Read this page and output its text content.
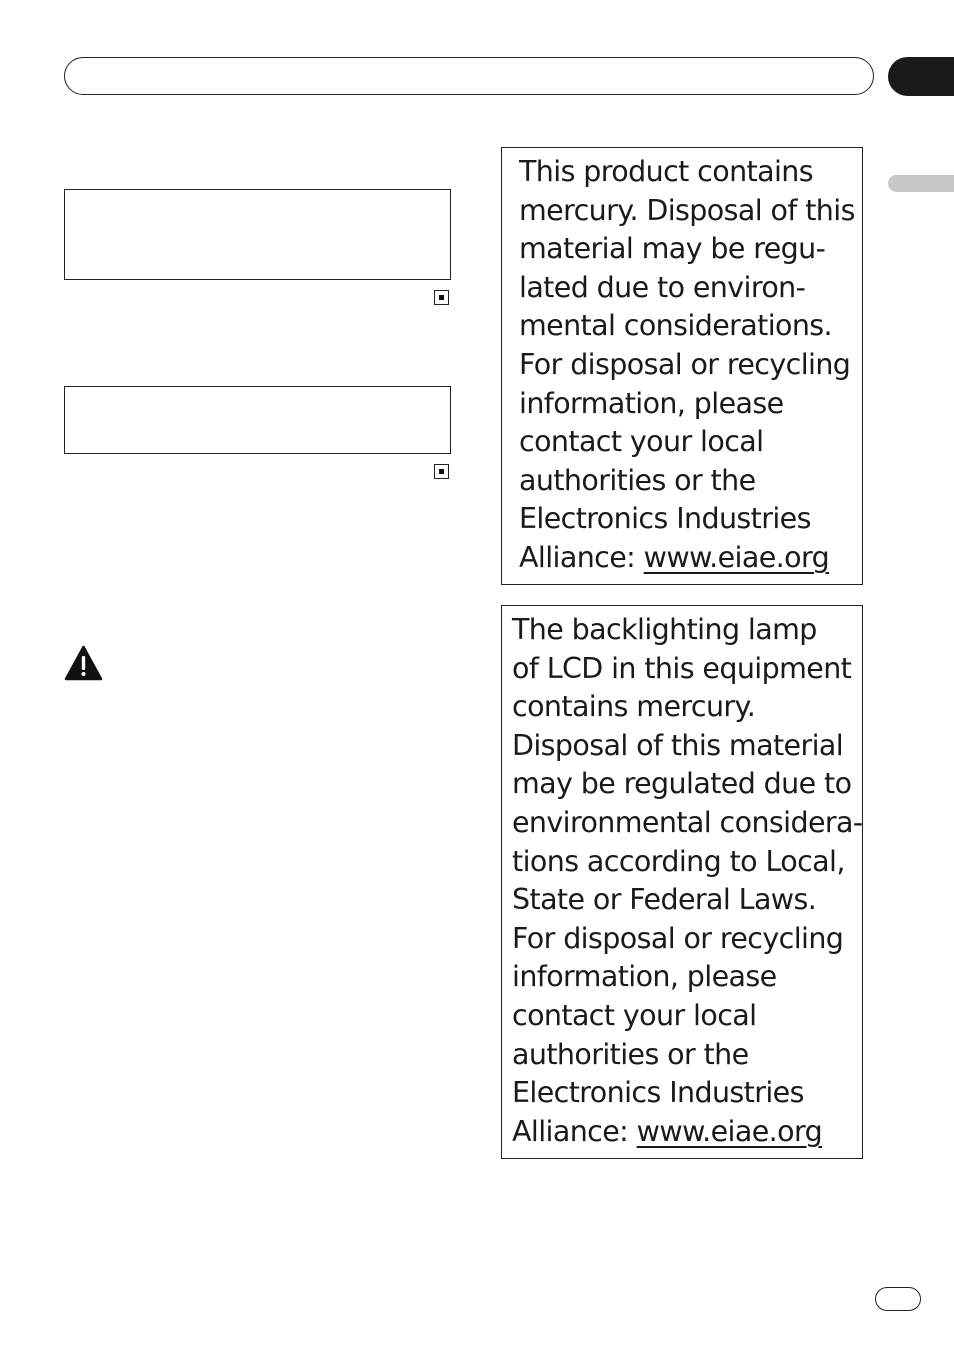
This product contains
mercury. Disposal of this
material may be regu-
lated due to environ-
mental considerations.
For disposal or recycling
information, please
contact your local
authorities or the
Electronics Industries
Alliance: www.eiae.org
The backlighting lamp
of LCD in this equipment
contains mercury.
Disposal of this material
may be regulated due to
environmental considera-
tions according to Local,
State or Federal Laws.
For disposal or recycling
information, please
contact your local
authorities or the
Electronics Industries
Alliance: www.eiae.org
